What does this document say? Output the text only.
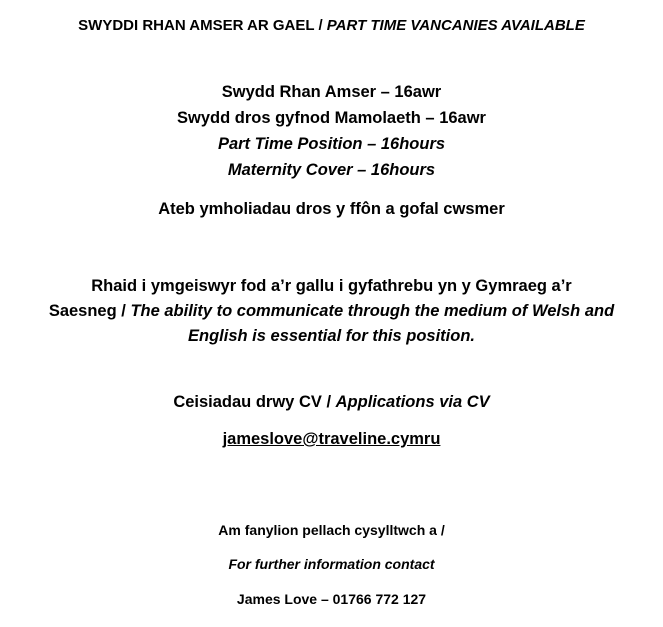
SWYDDI RHAN AMSER AR GAEL / PART TIME VANCANIES AVAILABLE
Swydd Rhan Amser – 16awr
Swydd dros gyfnod Mamolaeth – 16awr
Part Time Position – 16hours
Maternity Cover – 16hours
Ateb ymholiadau dros y ffôn a gofal cwsmer
Rhaid i ymgeiswyr fod a’r gallu i gyfathrebu yn y Gymraeg a’r
Saesneg / The ability to communicate through the medium of Welsh and
English is essential for this position.
Ceisiadau drwy CV / Applications via CV
jameslove@traveline.cymru
Am fanylion pellach cysylltwch a /
For further information contact
James Love – 01766 772 127
